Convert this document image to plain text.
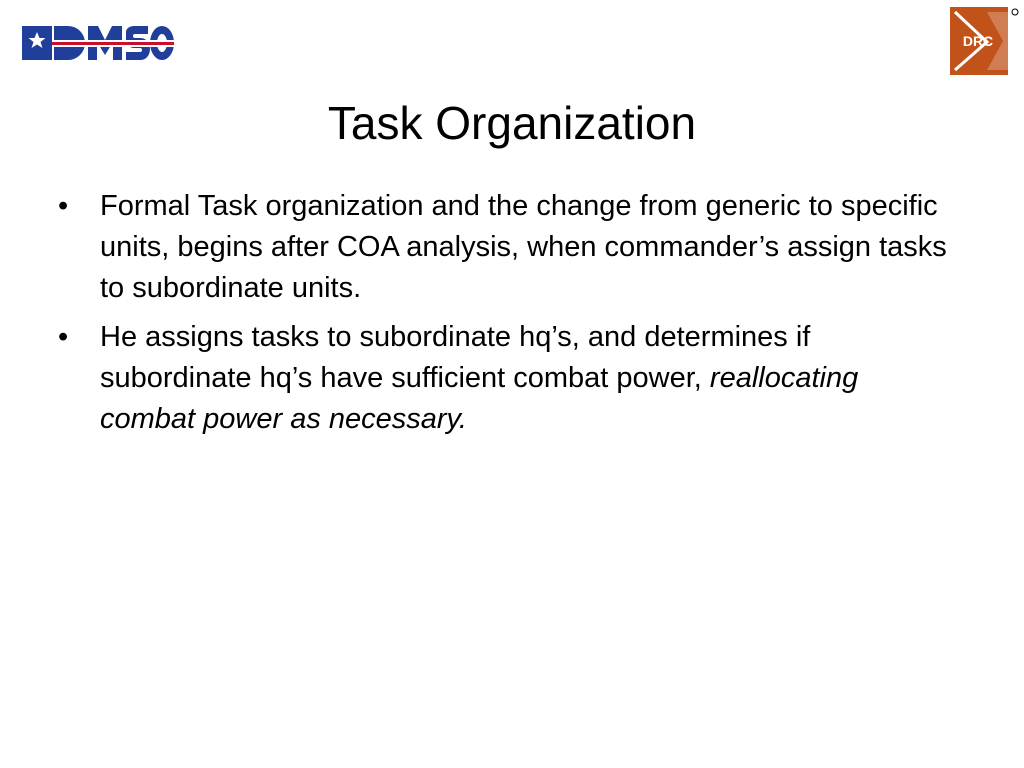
DRC
Task Organization
•	Formal Task organization and the change from generic to specific units, begins after COA analysis, when commander’s assign tasks to subordinate units.
•	He assigns tasks to subordinate hq’s, and determines if subordinate hq’s have sufficient combat power, reallocating combat power as necessary.
